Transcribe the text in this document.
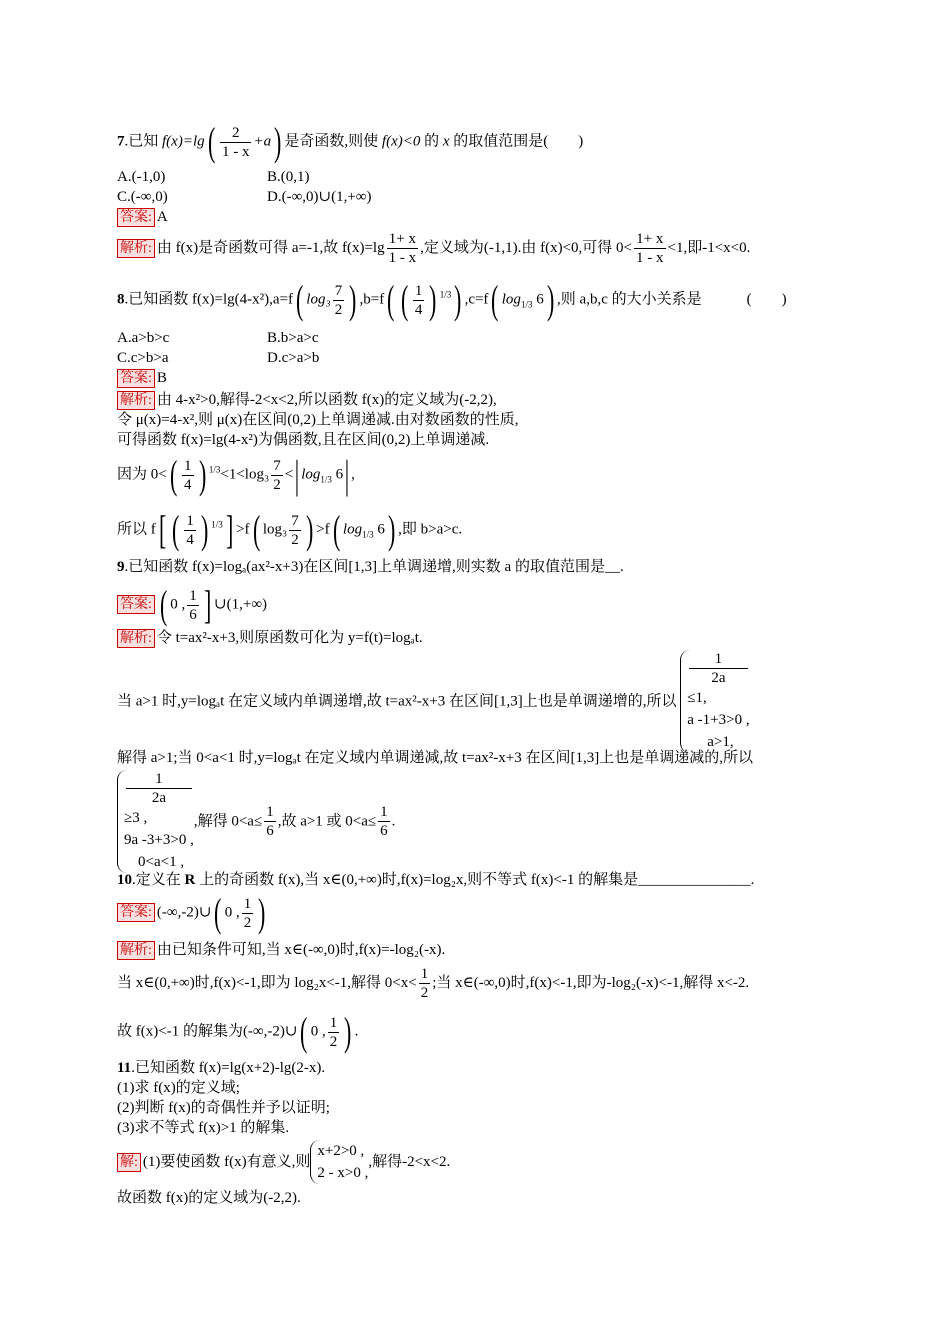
7.已知 $f(x)=\lg( \frac{2}{1 - x} +a)$ 是奇函数,则使 f(x)<0 的 x 的取值范围是(　　)
A.(-1,0)	B.(0,1)
C.(-∞,0)	D.(-∞,0)∪(1,+∞)
答案: A
解析: 由 f(x)是奇函数可得 a=-1,故 $f(x)=\lg \frac{1+ x}{1 - x}$ ,定义域为(-1,1).由 f(x)<0,可得 $0< \frac{1+ x}{1 - x} <1$,即-1<x<0.
8.已知函数 f(x)=lg(4-x²),a=f( $\log_3 \frac{7}{2}$ ) ,b=f( ( $\frac{1}{4}$ ) $^{1/3}$) ,c=f( $\log_{1/3} 6$) ,则 a,b,c 的大小关系是　　　(　　)
A.a>b>c	B.b>a>c
C.c>b>a	D.c>a>b
答案: B
解析: 由 4-x²>0,解得-2<x<2,所以函数 f(x)的定义域为(-2,2),
令 μ(x)=4-x²,则 μ(x)在区间(0,2)上单调递减.由对数函数的性质,
可得函数 f(x)=lg(4-x²)为偶函数,且在区间(0,2)上单调递减.
因为 $0<( \frac{1}{4}$ ) $^{1/3}<1<\log_3 \frac{7}{2}$ <| $\log_{1/3} 6|$ ,
所以 f[ ( $\frac{1}{4}$ ) $^{1/3}$] >f( $\log_3 \frac{7}{2}$ ) >f( $\log_{1/3} 6$) ,即 b>a>c.
9.已知函数 f(x)=logₐ(ax²-x+3)在区间[1,3]上单调递增,则实数 a 的取值范围是__.
答案: ( 0 , $\frac{1}{6}$ ] ∪(1,+∞)
解析: 令 t=ax²-x+3,则原函数可化为 y=f(t)=logₐt.
当 a>1 时,y=logₐt 在定义域内单调递增,故 t=ax²-x+3 在区间[1,3]上也是单调递增的,所以
1
2a
≤1,
a -1+3>0 ,
a>1,
解得 a>1;当 0<a<1 时,y=logₐt 在定义域内单调递减,故 t=ax²-x+3 在区间[1,3]上也是单调递减的,所以
1
2a
≥3 ,
9a -3+3>0 ,
0<a<1 ,
,解得 $0<a\le \frac{1}{6}$ ,故 a>1 或 $0<a\le \frac{1}{6}$ .
10.定义在 R 上的奇函数 f(x),当 x∈(0,+∞)时,f(x)=log₂x,则不等式 f(x)<-1 的解集是_______________.
答案: (-∞,-2)∪( 0 , $\frac{1}{2}$ )
解析: 由已知条件可知,当 x∈(-∞,0)时,f(x)=-log₂(-x).
当 x∈(0,+∞)时,f(x)<-1,即为 log₂x<-1,解得 $0<x< \frac{1}{2}$ ;当 x∈(-∞,0)时,f(x)<-1,即为-log₂(-x)<-1,解得 x<-2.
故 f(x)<-1 的解集为(-∞,-2)∪( 0 , $\frac{1}{2}$ ) .
11.已知函数 f(x)=lg(x+2)-lg(2-x).
(1)求 f(x)的定义域;
(2)判断 f(x)的奇偶性并予以证明;
(3)求不等式 f(x)>1 的解集.
解: (1)要使函数 f(x)有意义,则
x+2>0 ,
2 - x>0 ,
,解得-2<x<2.
故函数 f(x)的定义域为(-2,2).
